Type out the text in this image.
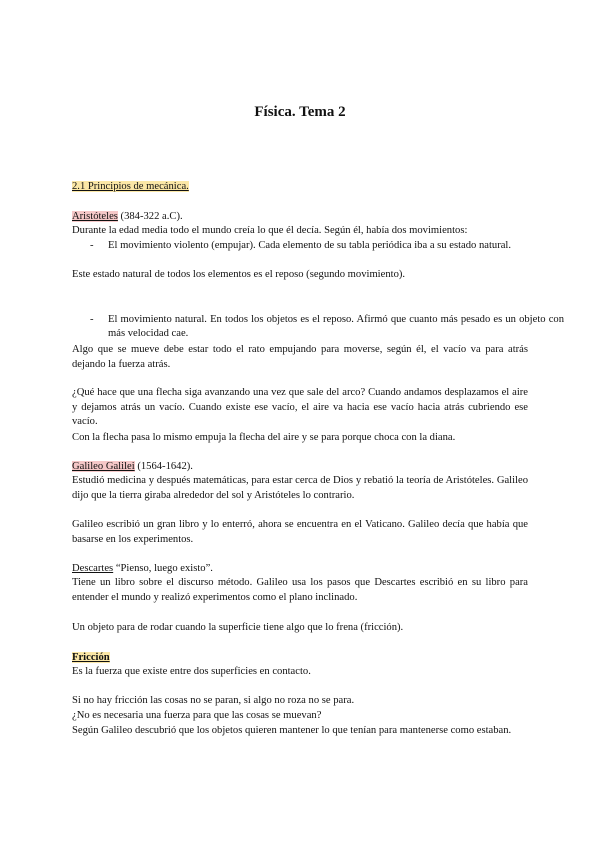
Física. Tema 2
2.1 Principios de mecánica.
Aristóteles (384-322 a.C).

Durante la edad media todo el mundo creía lo que él decía. Según él, había dos movimientos:

- El movimiento violento (empujar). Cada elemento de su tabla periódica iba a su estado natural.

Este estado natural de todos los elementos es el reposo (segundo movimiento).

- El movimiento natural. En todos los objetos es el reposo. Afirmó que cuanto más pesado es un objeto con más velocidad cae.

Algo que se mueve debe estar todo el rato empujando para moverse, según él, el vacío va para atrás dejando la fuerza atrás.

¿Qué hace que una flecha siga avanzando una vez que sale del arco? Cuando andamos desplazamos el aire y dejamos atrás un vacío. Cuando existe ese vacío, el aire va hacia ese vacío hacia atrás cubriendo ese vacío.

Con la flecha pasa lo mismo empuja la flecha del aire y se para porque choca con la diana.

Galileo Galilei (1564-1642).

Estudió medicina y después matemáticas, para estar cerca de Dios y rebatió la teoría de Aristóteles. Galileo dijo que la tierra giraba alrededor del sol y Aristóteles lo contrario.

Galileo escribió un gran libro y lo enterró, ahora se encuentra en el Vaticano. Galileo decía que había que basarse en los experimentos.

Descartes “Pienso, luego existo”.

Tiene un libro sobre el discurso método. Galileo usa los pasos que Descartes escribió en su libro para entender el mundo y realizó experimentos como el plano inclinado.

Un objeto para de rodar cuando la superficie tiene algo que lo frena (fricción).

Fricción

Es la fuerza que existe entre dos superficies en contacto.

Si no hay fricción las cosas no se paran, si algo no roza no se para.

¿No es necesaria una fuerza para que las cosas se muevan?

Según Galileo descubrió que los objetos quieren mantener lo que tenían para mantenerse como estaban.
